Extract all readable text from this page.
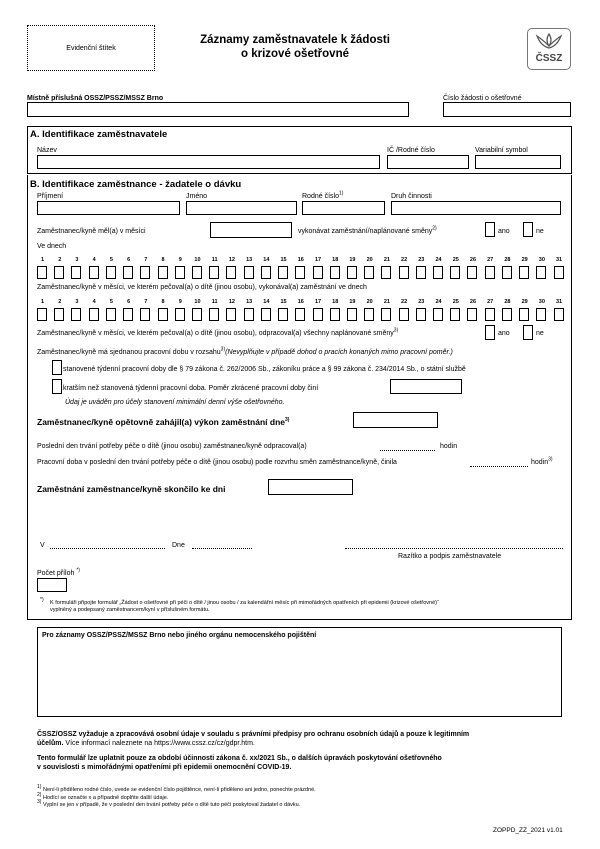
Evidenční štítek
Záznamy zaměstnavatele k žádosti
o krizové ošetřovné	ČSSZ
Místně příslušná OSSZ/PSSZ/MSSZ Brno	Číslo žádosti o ošetřovné
A. Identifikace zaměstnavatele
Název	IČ /Rodné číslo	Variabilní symbol
B. Identifikace zaměstnance - žadatele o dávku
Příjmení	Jméno	Rodné číslo$^{1)}$	Druh činnosti
Zaměstnanec/kyně měl(a) v měsíci	vykonávat zaměstnání/naplánované směny$^{2)}$	ano	ne
Ve dnech
1	2	3	4	5	6	7	8	9	10	11	12	13	14	15	16	17	18	19	20	21	22	23	24	25	26	27	28	29	30	31
Zaměstnanec/kyně v měsíci, ve kterém pečoval(a) o dítě (jinou osobu), vykonával(a) zaměstnání ve dnech
1	2	3	4	5	6	7	8	9	10	11	12	13	14	15	16	17	18	19	20	21	22	23	24	25	26	27	28	29	30	31
Zaměstnanec/kyně v měsíci, ve kterém pečoval(a) o dítě (jinou osobu), odpracoval(a) všechny naplánované směny$^{3)}$	ano	ne
Zaměstnanec/kyně má sjednanou pracovní dobu v rozsahu$^{3)}$(Nevyplňujte v případě dohod o pracích konaných mimo pracovní poměr.)
stanovené týdenní pracovní doby dle § 79 zákona č. 262/2006 Sb., zákoníku práce a § 99 zákona č. 234/2014 Sb., o státní službě
kratším než stanovená týdenní pracovní doba. Poměr zkrácené pracovní doby činí
Údaj je uváděn pro účely stanovení minimální denní výše ošetřovného.
Zaměstnanec/kyně opětovně zahájil(a) výkon zaměstnání dne$^{3)}$
Poslední den trvání potřeby péče o dítě (jinou osobu) zaměstnanec/kyně odpracoval(a)	hodin
Pracovní doba v poslední den trvání potřeby péče o dítě (jinou osobu) podle rozvrhu směn zaměstnance/kyně, činila	hodin$^{3)}$
Zaměstnání zaměstnance/kyně skončilo ke dni
V	Dne
Razítko a podpis zaměstnavatele
Počet příloh *)
*) K formuláři připojte formulář „Žádost o ošetřovné při péči o dítě / jinou osobu / za kalendářní měsíc při mimořádných opatřeních při epidemii (krizové ošetřovné)“
vyplněný a podepsaný zaměstnancem/kyní v příslušném formátu.
Pro záznamy OSSZ/PSSZ/MSSZ Brno nebo jiného orgánu nemocenského pojištění
ČSSZ/OSSZ vyžaduje a zpracovává osobní údaje v souladu s právními předpisy pro ochranu osobních údajů a pouze k legitimním
účelům. Více informací naleznete na https://www.cssz.cz/cz/gdpr.htm.
Tento formulář lze uplatnit pouze za období účinnosti zákona č. xx/2021 Sb., o dalších úpravách poskytování ošetřovného
v souvislosti s mimořádnými opatřeními při epidemii onemocnění COVID-19.
$^{1)}$ Není-li přiděleno rodné číslo, uvede se evidenční číslo pojištěnce, není-li přiděleno ani jedno, ponechte prázdné.
$^{2)}$ Hodící se označte x a případně doplňte další údaje.
$^{3)}$ Vyplní se jen v případě, že v poslední den trvání potřeby péče o dítě tuto péči poskytoval žadatel o dávku.
ZOPPD_ZZ_2021 v1.01
